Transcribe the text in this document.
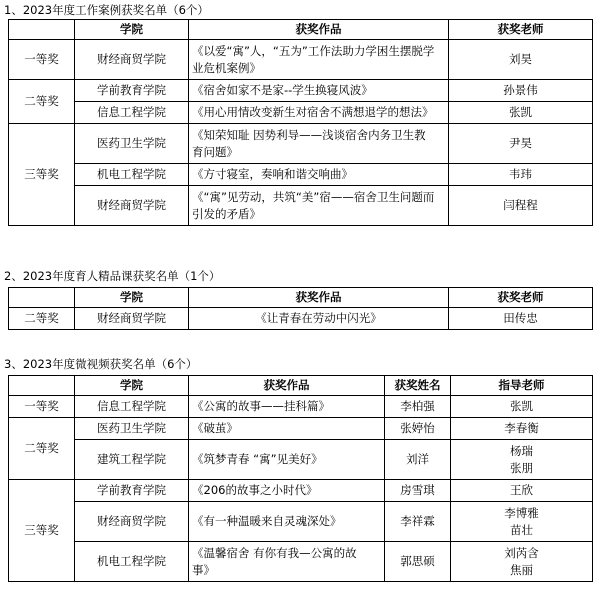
1、2023年度工作案例获奖名单（6个）
	学院	获奖作品	获奖老师
一等奖	财经商贸学院	《以爱“寓”人，“五为”工作法助力学困生摆脱学
业危机案例》	刘昊
二等奖	学前教育学院	《宿舍如家不是家--学生换寝风波》	孙景伟
	信息工程学院	《用心用情改变新生对宿舍不满想退学的想法》	张凯
三等奖	医药卫生学院	《知荣知耻 因势利导——浅谈宿舍内务卫生教
育问题》	尹昊
	机电工程学院	《方寸寝室，奏响和谐交响曲》	韦玮
	财经商贸学院	《“寓”见劳动，共筑“美”宿——宿舍卫生问题而
引发的矛盾》	闫程程
2、2023年度育人精品课获奖名单（1个）
	学院	获奖作品	获奖老师
二等奖	财经商贸学院	《让青春在劳动中闪光》	田传忠
3、2023年度微视频获奖名单（6个）
	学院	获奖作品	获奖姓名	指导老师
一等奖	信息工程学院	《公寓的故事——挂科篇》	李柏强	张凯
二等奖	医药卫生学院	《破茧》	张婷怡	李春衡
	建筑工程学院	《筑梦青春 “寓”见美好》	刘洋	杨瑞
张朋
三等奖	学前教育学院	《206的故事之小时代》	房雪琪	王欣
	财经商贸学院	《有一种温暖来自灵魂深处》	李祥霖	李博雅
苗壮
	机电工程学院	《温馨宿舍 有你有我—公寓的故
事》	郭思硕	刘芮含
焦丽
